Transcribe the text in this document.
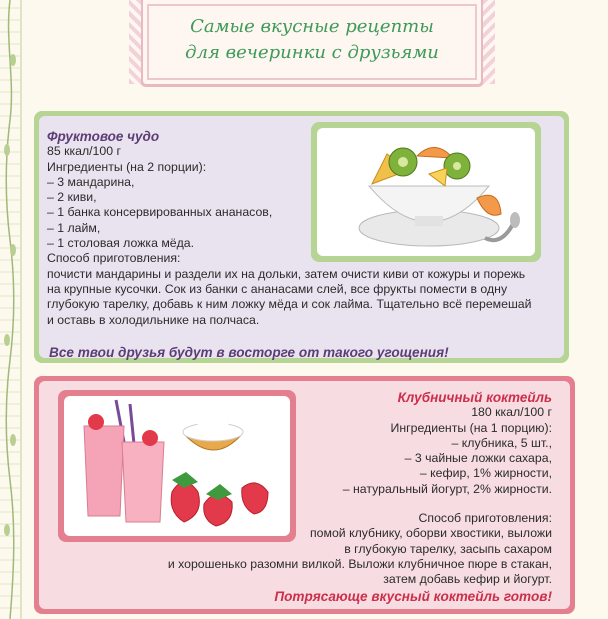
Самые вкусные рецепты
для вечеринки с друзьями
Фруктовое чудо
85 ккал/100 г
Ингредиенты (на 2 порции):
– 3 мандарина,
– 2 киви,
– 1 банка консервированных ананасов,
– 1 лайм,
– 1 столовая ложка мёда.
Способ приготовления:
почисти мандарины и раздели их на дольки, затем очисти киви от кожуры и порежь
на крупные кусочки. Сок из банки с ананасами слей, все фрукты помести в одну
глубокую тарелку, добавь к ним ложку мёда и сок лайма. Тщательно всё перемешай
и оставь в холодильнике на полчаса.
Все твои друзья будут в восторге от такого угощения!
Клубничный коктейль
180 ккал/100 г
Ингредиенты (на 1 порцию):
– клубника, 5 шт.,
– 3 чайные ложки сахара,
– кефир, 1% жирности,
– натуральный йогурт, 2% жирности.
Способ приготовления:
помой клубнику, оборви хвостики, выложи
в глубокую тарелку, засыпь сахаром
и хорошенько разомни вилкой. Выложи клубничное пюре в стакан,
затем добавь кефир и йогурт.
Потрясающе вкусный коктейль готов!
